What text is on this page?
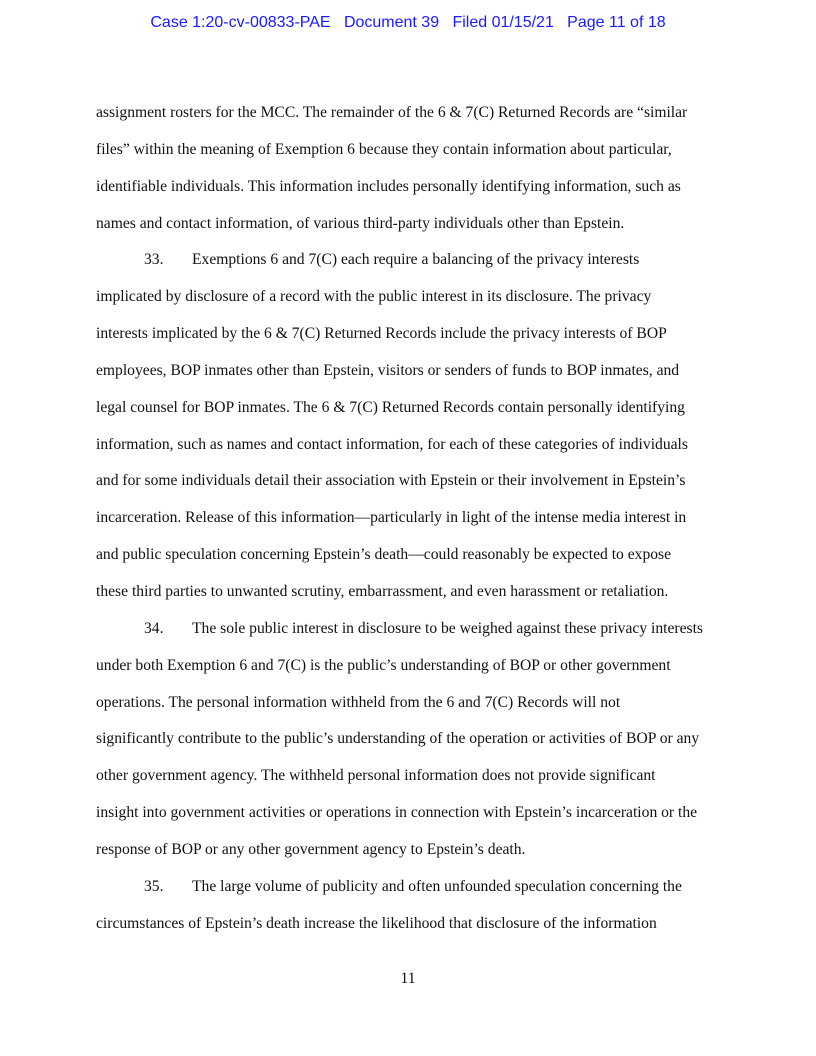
Case 1:20-cv-00833-PAE   Document 39   Filed 01/15/21   Page 11 of 18
assignment rosters for the MCC. The remainder of the 6 & 7(C) Returned Records are “similar
files” within the meaning of Exemption 6 because they contain information about particular,
identifiable individuals. This information includes personally identifying information, such as
names and contact information, of various third-party individuals other than Epstein.
33. Exemptions 6 and 7(C) each require a balancing of the privacy interests
implicated by disclosure of a record with the public interest in its disclosure. The privacy
interests implicated by the 6 & 7(C) Returned Records include the privacy interests of BOP
employees, BOP inmates other than Epstein, visitors or senders of funds to BOP inmates, and
legal counsel for BOP inmates. The 6 & 7(C) Returned Records contain personally identifying
information, such as names and contact information, for each of these categories of individuals
and for some individuals detail their association with Epstein or their involvement in Epstein’s
incarceration. Release of this information—particularly in light of the intense media interest in
and public speculation concerning Epstein’s death—could reasonably be expected to expose
these third parties to unwanted scrutiny, embarrassment, and even harassment or retaliation.
34. The sole public interest in disclosure to be weighed against these privacy interests
under both Exemption 6 and 7(C) is the public’s understanding of BOP or other government
operations. The personal information withheld from the 6 and 7(C) Records will not
significantly contribute to the public’s understanding of the operation or activities of BOP or any
other government agency. The withheld personal information does not provide significant
insight into government activities or operations in connection with Epstein’s incarceration or the
response of BOP or any other government agency to Epstein’s death.
35. The large volume of publicity and often unfounded speculation concerning the
circumstances of Epstein’s death increase the likelihood that disclosure of the information
11
